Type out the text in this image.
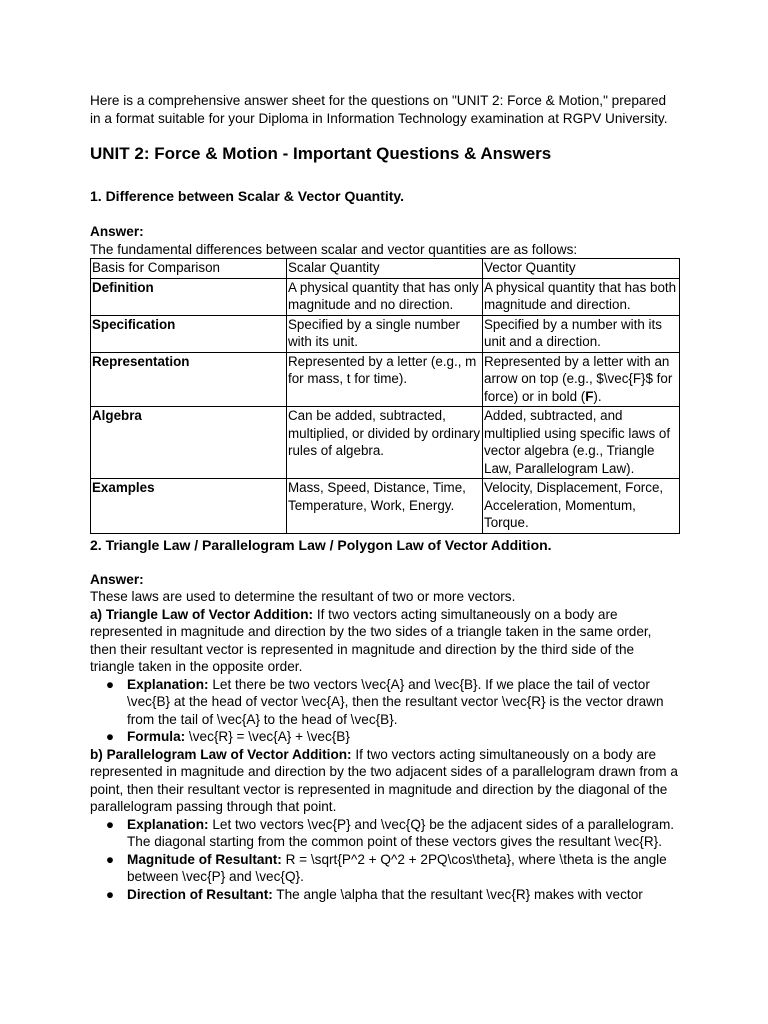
Here is a comprehensive answer sheet for the questions on "UNIT 2: Force & Motion," prepared in a format suitable for your Diploma in Information Technology examination at RGPV University.

UNIT 2: Force & Motion - Important Questions & Answers
1. Difference between Scalar & Vector Quantity.

Answer:

The fundamental differences between scalar and vector quantities are as follows:

Basis for Comparison	Scalar Quantity	Vector Quantity
Definition	A physical quantity that has only magnitude and no direction.	A physical quantity that has both magnitude and direction.
Specification	Specified by a single number with its unit.	Specified by a number with its unit and a direction.
Representation	Represented by a letter (e.g., m for mass, t for time).	Represented by a letter with an arrow on top (e.g., $\vec{F}$ for force) or in bold (F).
Algebra	Can be added, subtracted, multiplied, or divided by ordinary rules of algebra.	Added, subtracted, and multiplied using specific laws of vector algebra (e.g., Triangle Law, Parallelogram Law).
Examples	Mass, Speed, Distance, Time, Temperature, Work, Energy.	Velocity, Displacement, Force, Acceleration, Momentum, Torque.
2. Triangle Law / Parallelogram Law / Polygon Law of Vector Addition.

Answer:

These laws are used to determine the resultant of two or more vectors.

a) Triangle Law of Vector Addition: If two vectors acting simultaneously on a body are represented in magnitude and direction by the two sides of a triangle taken in the same order, then their resultant vector is represented in magnitude and direction by the third side of the triangle taken in the opposite order.

● Explanation: Let there be two vectors \vec{A} and \vec{B}. If we place the tail of vector \vec{B} at the head of vector \vec{A}, then the resultant vector \vec{R} is the vector drawn from the tail of \vec{A} to the head of \vec{B}.
● Formula: \vec{R} = \vec{A} + \vec{B}

b) Parallelogram Law of Vector Addition: If two vectors acting simultaneously on a body are represented in magnitude and direction by the two adjacent sides of a parallelogram drawn from a point, then their resultant vector is represented in magnitude and direction by the diagonal of the parallelogram passing through that point.

● Explanation: Let two vectors \vec{P} and \vec{Q} be the adjacent sides of a parallelogram. The diagonal starting from the common point of these vectors gives the resultant \vec{R}.
● Magnitude of Resultant: R = \sqrt{P^2 + Q^2 + 2PQ\cos\theta}, where \theta is the angle between \vec{P} and \vec{Q}.
● Direction of Resultant: The angle \alpha that the resultant \vec{R} makes with vector
